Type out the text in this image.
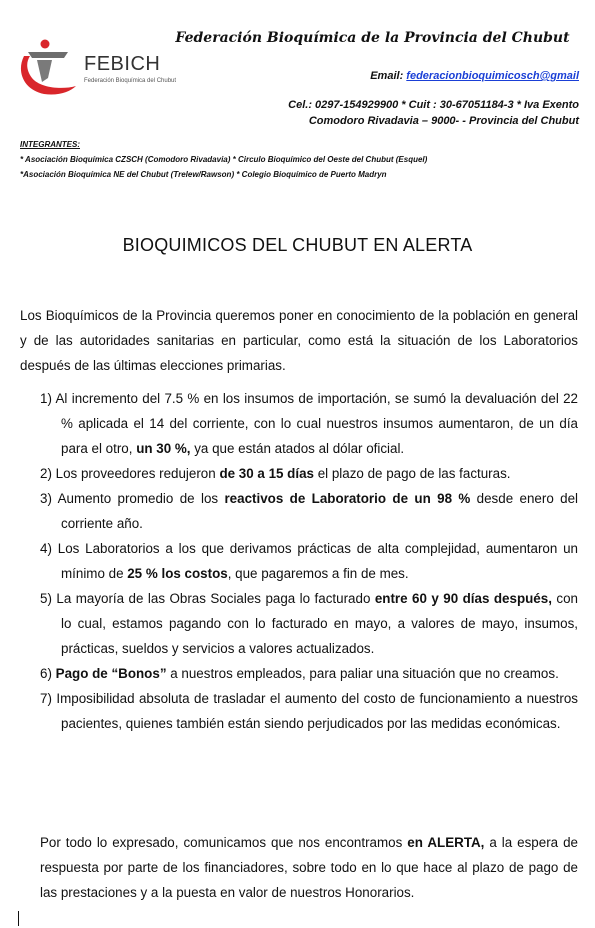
Federación Bioquímica de la Provincia del Chubut
FEBICH
Federación Bioquímica del Chubut	Email: federacionbioquimicosch@gmail
Cel.: 0297-154929900 * Cuit : 30-67051184-3 * Iva Exento
Comodoro Rivadavia – 9000- - Provincia del Chubut
INTEGRANTES:
* Asociación Bioquímica CZSCH (Comodoro Rivadavia) * Circulo Bioquímico del Oeste del Chubut (Esquel)
*Asociación Bioquímica NE del Chubut (Trelew/Rawson) * Colegio Bioquímico de Puerto Madryn
BIOQUIMICOS DEL CHUBUT EN ALERTA
Los Bioquímicos de la Provincia queremos poner en conocimiento de la población en general y de las autoridades sanitarias en particular, como está la situación de los Laboratorios después de las últimas elecciones primarias.
1) Al incremento del 7.5 % en los insumos de importación, se sumó la devaluación del 22 % aplicada el 14 del corriente, con lo cual nuestros insumos aumentaron, de un día para el otro, un 30 %, ya que están atados al dólar oficial.
2) Los proveedores redujeron de 30 a 15 días el plazo de pago de las facturas.
3) Aumento promedio de los reactivos de Laboratorio de un 98 % desde enero del corriente año.
4) Los Laboratorios a los que derivamos prácticas de alta complejidad, aumentaron un mínimo de 25 % los costos, que pagaremos a fin de mes.
5) La mayoría de las Obras Sociales paga lo facturado entre 60 y 90 días después, con lo cual, estamos pagando con lo facturado en mayo, a valores de mayo, insumos, prácticas, sueldos y servicios a valores actualizados.
6) Pago de “Bonos” a nuestros empleados, para paliar una situación que no creamos.
7) Imposibilidad absoluta de trasladar el aumento del costo de funcionamiento a nuestros pacientes, quienes también están siendo perjudicados por las medidas económicas.
Por todo lo expresado, comunicamos que nos encontramos en ALERTA, a la espera de respuesta por parte de los financiadores, sobre todo en lo que hace al plazo de pago de las prestaciones y a la puesta en valor de nuestros Honorarios.
